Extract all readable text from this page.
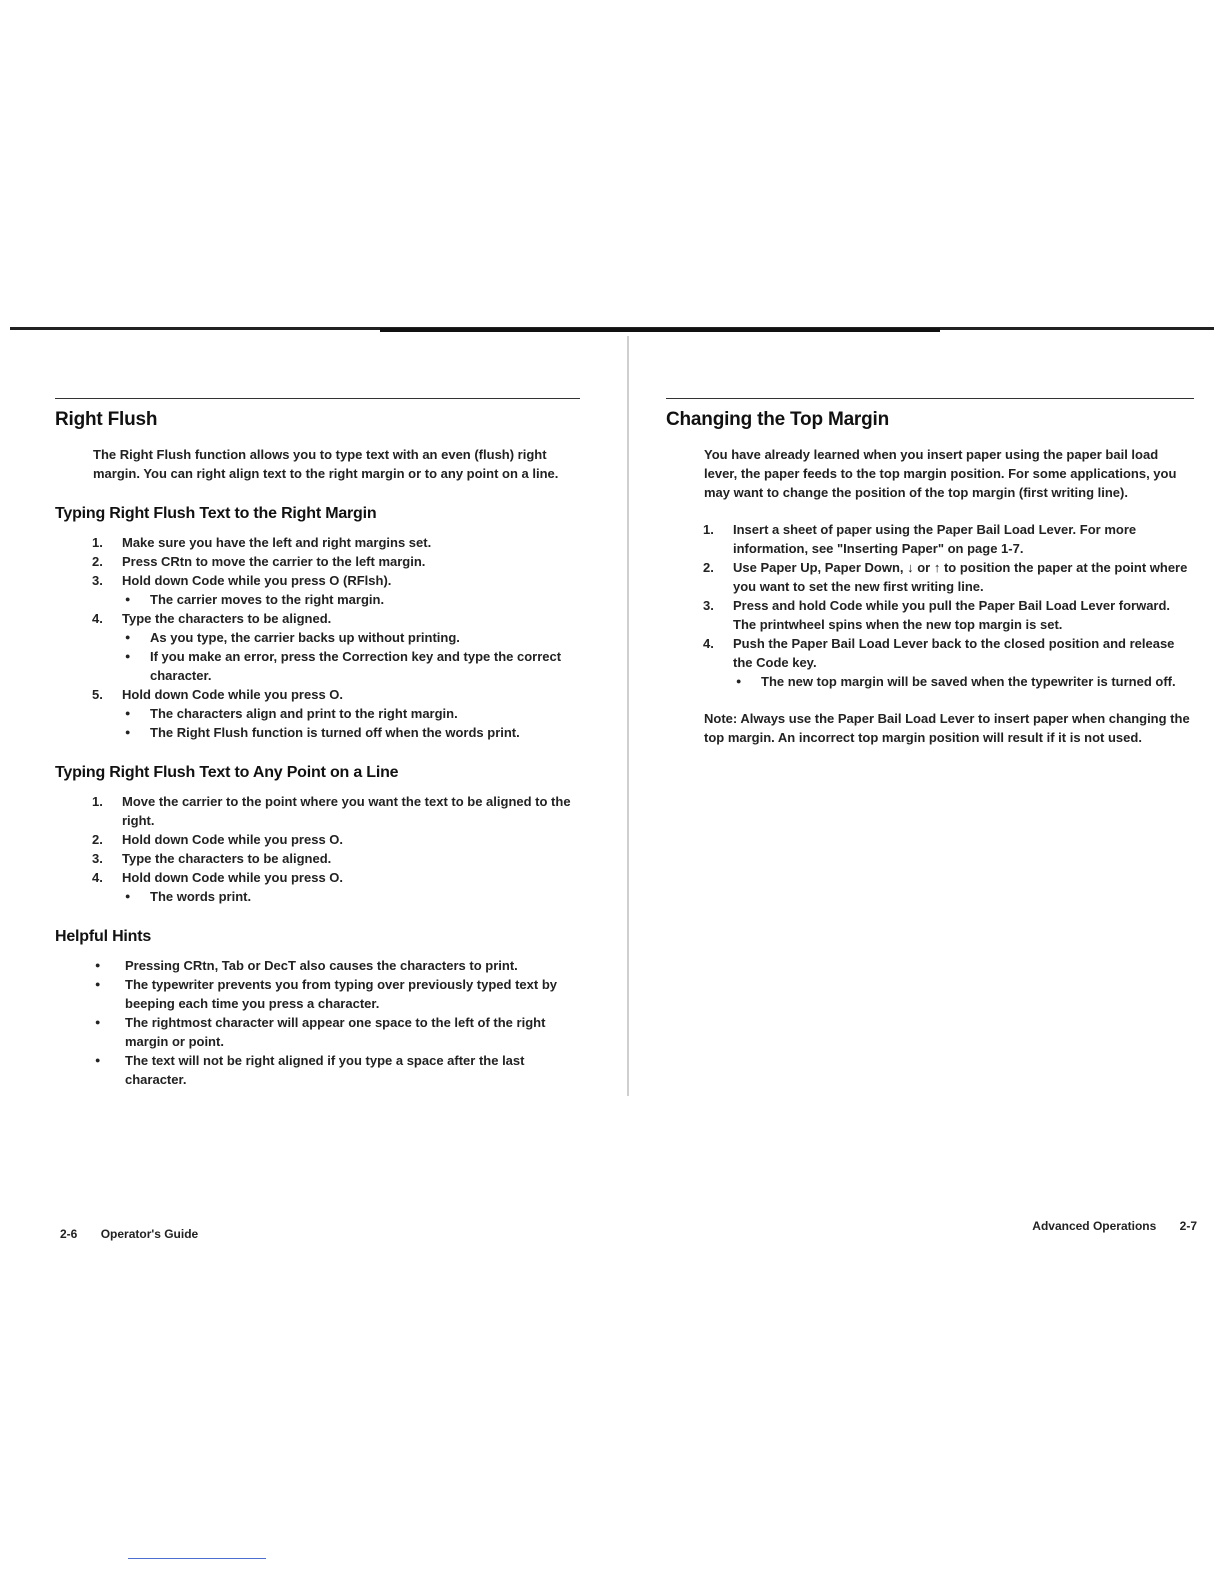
Right Flush

The Right Flush function allows you to type text with an even (flush) right margin. You can right align text to the right margin or to any point on a line.

Typing Right Flush Text to the Right Margin
1. Make sure you have the left and right margins set.
2. Press CRtn to move the carrier to the left margin.
3. Hold down Code while you press O (RFlsh).
● The carrier moves to the right margin.
4. Type the characters to be aligned.
● As you type, the carrier backs up without printing.
● If you make an error, press the Correction key and type the correct character.
5. Hold down Code while you press O.
● The characters align and print to the right margin.
● The Right Flush function is turned off when the words print.
Typing Right Flush Text to Any Point on a Line
1. Move the carrier to the point where you want the text to be aligned to the right.
2. Hold down Code while you press O.
3. Type the characters to be aligned.
4. Hold down Code while you press O.
● The words print.
Helpful Hints
● Pressing CRtn, Tab or DecT also causes the characters to print.
● The typewriter prevents you from typing over previously typed text by beeping each time you press a character.
● The rightmost character will appear one space to the left of the right margin or point.
● The text will not be right aligned if you type a space after the last character.
2-6 Operator's Guide
Changing the Top Margin

You have already learned when you insert paper using the paper bail load lever, the paper feeds to the top margin position. For some applications, you may want to change the position of the top margin (first writing line).

1. Insert a sheet of paper using the Paper Bail Load Lever. For more information, see "Inserting Paper" on page 1-7.
2. Use Paper Up, Paper Down, ↓ or ↑ to position the paper at the point where you want to set the new first writing line.
3. Press and hold Code while you pull the Paper Bail Load Lever forward. The printwheel spins when the new top margin is set.
4. Push the Paper Bail Load Lever back to the closed position and release the Code key.
● The new top margin will be saved when the typewriter is turned off.
Note: Always use the Paper Bail Load Lever to insert paper when changing the top margin. An incorrect top margin position will result if it is not used.
Advanced Operations 2-7
